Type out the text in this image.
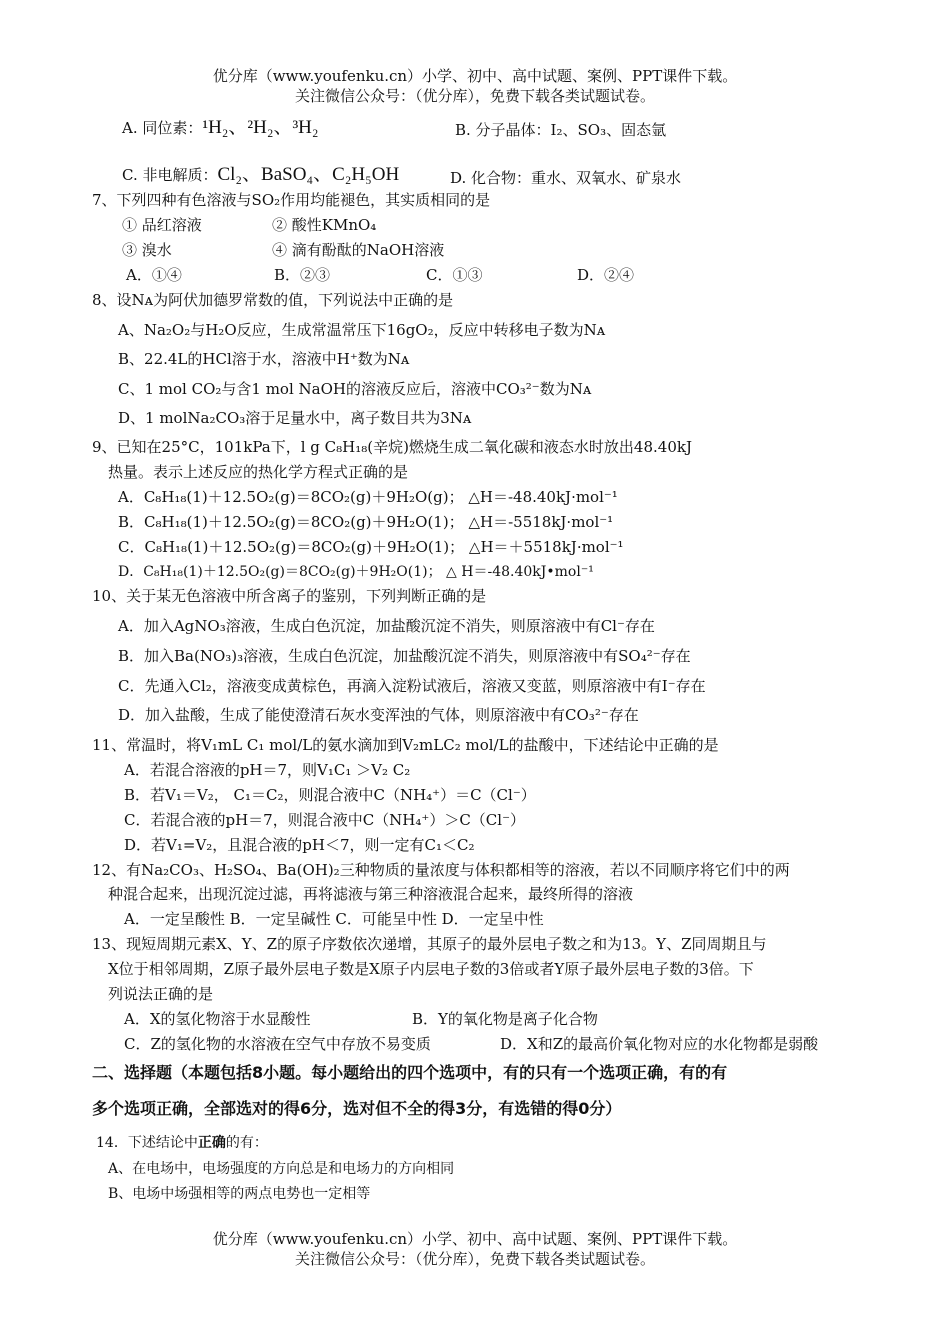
优分库（www.youfenku.cn）小学、初中、高中试题、案例、PPT课件下载。
关注微信公众号：（优分库），免费下载各类试题试卷。
A. 同位素：¹H₂、²H₂、³H₂	B. 分子晶体：I₂、SO₃、固态氩
C. 非电解质：Cl₂、BaSO₄、C₂H₅OH	D. 化合物：重水、双氧水、矿泉水
7、下列四种有色溶液与SO₂作用均能褪色，其实质相同的是
① 品红溶液	② 酸性KMnO₄
③ 溴水	④ 滴有酚酞的NaOH溶液
A．①④	B．②③	C．①③	D．②④
8、设Nᴀ为阿伏加德罗常数的值，下列说法中正确的是
A、Na₂O₂与H₂O反应，生成常温常压下16gO₂，反应中转移电子数为Nᴀ
B、22.4L的HCl溶于水，溶液中H⁺数为Nᴀ
C、1 mol CO₂与含1 mol NaOH的溶液反应后，溶液中CO₃²⁻数为Nᴀ
D、1 molNa₂CO₃溶于足量水中，离子数目共为3Nᴀ
9、已知在25°C，101kPa下，l g C₈H₁₈(辛烷)燃烧生成二氧化碳和液态水时放出48.40kJ
热量。表示上述反应的热化学方程式正确的是
A．C₈H₁₈(1)＋12.5O₂(g)＝8CO₂(g)＋9H₂O(g)； △H＝-48.40kJ·mol⁻¹
B．C₈H₁₈(1)＋12.5O₂(g)＝8CO₂(g)＋9H₂O(1)； △H＝-5518kJ·mol⁻¹
C．C₈H₁₈(1)＋12.5O₂(g)＝8CO₂(g)＋9H₂O(1)； △H＝＋5518kJ·mol⁻¹
D．C₈H₁₈(1)＋12.5O₂(g)＝8CO₂(g)＋9H₂O(1)； △ H＝-48.40kJ•mol⁻¹
10、关于某无色溶液中所含离子的鉴别，下列判断正确的是
A．加入AgNO₃溶液，生成白色沉淀，加盐酸沉淀不消失，则原溶液中有Cl⁻存在
B．加入Ba(NO₃)₃溶液，生成白色沉淀，加盐酸沉淀不消失，则原溶液中有SO₄²⁻存在
C．先通入Cl₂，溶液变成黄棕色，再滴入淀粉试液后，溶液又变蓝，则原溶液中有I⁻存在
D．加入盐酸，生成了能使澄清石灰水变浑浊的气体，则原溶液中有CO₃²⁻存在
11、常温时，将V₁mL C₁ mol/L的氨水滴加到V₂mLC₂ mol/L的盐酸中，下述结论中正确的是
A．若混合溶液的pH＝7，则V₁C₁ ＞V₂ C₂
B．若V₁＝V₂， C₁＝C₂，则混合液中C（NH₄⁺）＝C（Cl⁻）
C．若混合液的pH＝7，则混合液中C（NH₄⁺）＞C（Cl⁻）
D．若V₁=V₂，且混合液的pH＜7，则一定有C₁＜C₂
12、有Na₂CO₃、H₂SO₄、Ba(OH)₂三种物质的量浓度与体积都相等的溶液，若以不同顺序将它们中的两
种混合起来，出现沉淀过滤，再将滤液与第三种溶液混合起来，最终所得的溶液
A．一定呈酸性 B．一定呈碱性 C．可能呈中性 D．一定呈中性
13、现短周期元素X、Y、Z的原子序数依次递增，其原子的最外层电子数之和为13。Y、Z同周期且与
X位于相邻周期，Z原子最外层电子数是X原子内层电子数的3倍或者Y原子最外层电子数的3倍。下
列说法正确的是
A．X的氢化物溶于水显酸性	B．Y的氧化物是离子化合物
C．Z的氢化物的水溶液在空气中存放不易变质	D．X和Z的最高价氧化物对应的水化物都是弱酸
二、选择题（本题包括8小题。每小题给出的四个选项中，有的只有一个选项正确，有的有
多个选项正确，全部选对的得6分，选对但不全的得3分，有选错的得0分）
14．下述结论中正确的有：
A、在电场中，电场强度的方向总是和电场力的方向相同
B、电场中场强相等的两点电势也一定相等
优分库（www.youfenku.cn）小学、初中、高中试题、案例、PPT课件下载。
关注微信公众号：（优分库），免费下载各类试题试卷。
